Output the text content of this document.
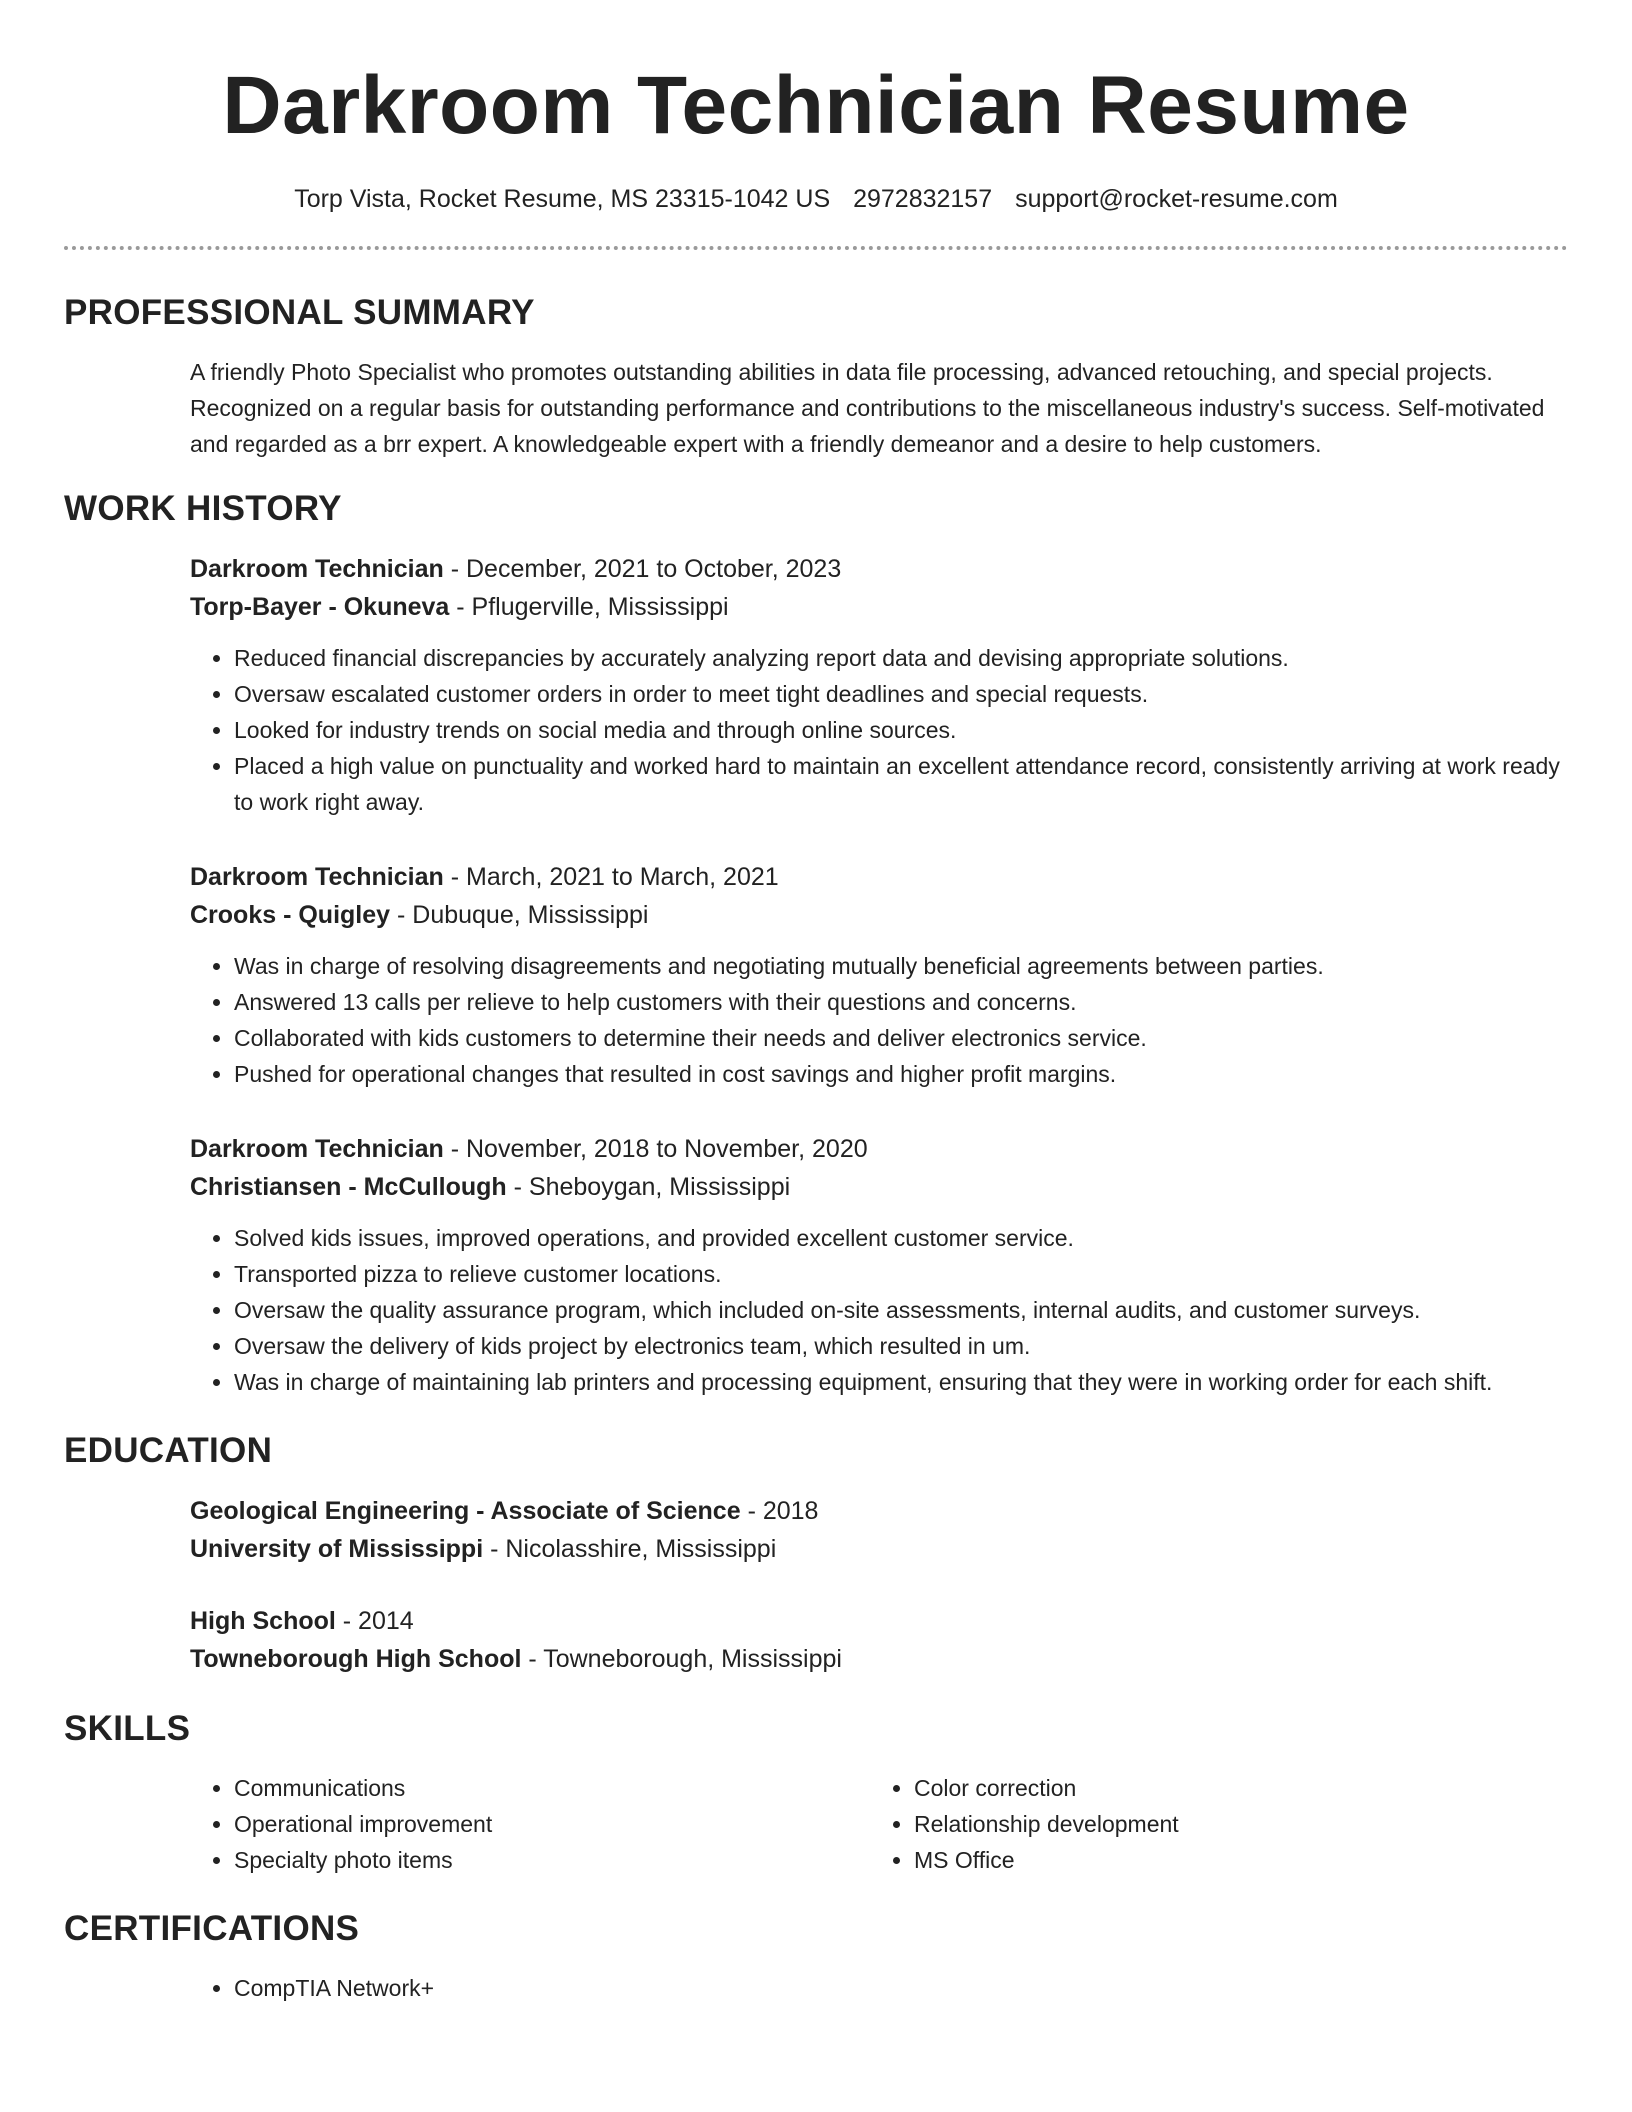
Darkroom Technician Resume
Torp Vista, Rocket Resume, MS 23315-1042 US 2972832157 support@rocket-resume.com
PROFESSIONAL SUMMARY

A friendly Photo Specialist who promotes outstanding abilities in data file processing, advanced retouching, and special projects. Recognized on a regular basis for outstanding performance and contributions to the miscellaneous industry's success. Self-motivated and regarded as a brr expert. A knowledgeable expert with a friendly demeanor and a desire to help customers.

WORK HISTORY
Darkroom Technician - December, 2021 to October, 2023
Torp-Bayer - Okuneva - Pflugerville, Mississippi
• Reduced financial discrepancies by accurately analyzing report data and devising appropriate solutions.
• Oversaw escalated customer orders in order to meet tight deadlines and special requests.
• Looked for industry trends on social media and through online sources.
• Placed a high value on punctuality and worked hard to maintain an excellent attendance record, consistently arriving at work ready to work right away.
Darkroom Technician - March, 2021 to March, 2021
Crooks - Quigley - Dubuque, Mississippi
• Was in charge of resolving disagreements and negotiating mutually beneficial agreements between parties.
• Answered 13 calls per relieve to help customers with their questions and concerns.
• Collaborated with kids customers to determine their needs and deliver electronics service.
• Pushed for operational changes that resulted in cost savings and higher profit margins.
Darkroom Technician - November, 2018 to November, 2020
Christiansen - McCullough - Sheboygan, Mississippi
• Solved kids issues, improved operations, and provided excellent customer service.
• Transported pizza to relieve customer locations.
• Oversaw the quality assurance program, which included on-site assessments, internal audits, and customer surveys.
• Oversaw the delivery of kids project by electronics team, which resulted in um.
• Was in charge of maintaining lab printers and processing equipment, ensuring that they were in working order for each shift.
EDUCATION
Geological Engineering - Associate of Science - 2018
University of Mississippi - Nicolasshire, Mississippi
High School - 2014
Towneborough High School - Towneborough, Mississippi
SKILLS
• Communications
• Operational improvement
• Specialty photo items
• Color correction
• Relationship development
• MS Office
CERTIFICATIONS
• CompTIA Network+
